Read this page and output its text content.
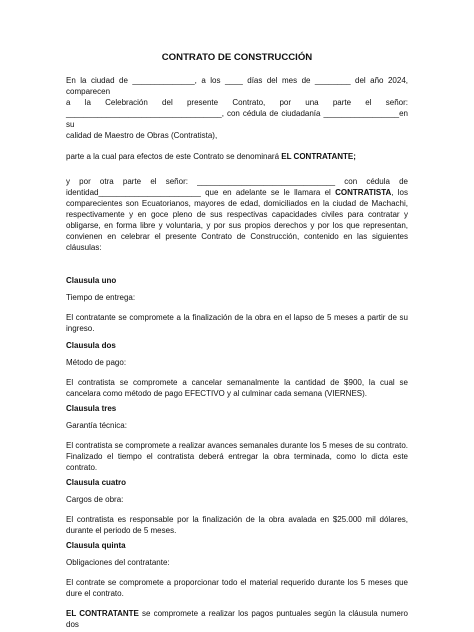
CONTRATO DE CONSTRUCCIÓN

En la ciudad de ______________, a los ____ días del mes de ________ del año 2024, comparecen

a la Celebración del presente Contrato, por una parte el señor:

___________________________________, con cédula de ciudadanía _________________en su

calidad de Maestro de Obras (Contratista),

parte a la cual para efectos de este Contrato se denominará EL CONTRATANTE;

y por otra parte el señor: _______________________________ con cédula de

identidad_______________________ que en adelante se le llamara el CONTRATISTA, los

comparecientes son Ecuatorianos, mayores de edad, domiciliados en la ciudad de Machachi,

respectivamente y en goce pleno de sus respectivas capacidades civiles para contratar y

obligarse, en forma libre y voluntaria, y por sus propios derechos y por los que representan,

convienen en celebrar el presente Contrato de Construcción, contenido en las siguientes

cláusulas:

Clausula uno

Tiempo de entrega:

El contratante se compromete a la finalización de la obra en el lapso de 5 meses a partir de su ingreso.

Clausula dos

Método de pago:

El contratista se compromete a cancelar semanalmente la cantidad de $900, la cual se cancelara como método de pago EFECTIVO y al culminar cada semana (VIERNES).

Clausula tres

Garantía técnica:

El contratista se compromete a realizar avances semanales durante los 5 meses de su contrato. Finalizado el tiempo el contratista deberá entregar la obra terminada, como lo dicta este contrato.

Clausula cuatro

Cargos de obra:

El contratista es responsable por la finalización de la obra avalada en $25.000 mil dólares, durante el periodo de 5 meses.

Clausula quinta

Obligaciones del contratante:

El contrate se compromete a proporcionar todo el material requerido durante los 5 meses que dure el contrato.

EL CONTRATANTE se compromete a realizar los pagos puntuales según la cláusula numero dos
